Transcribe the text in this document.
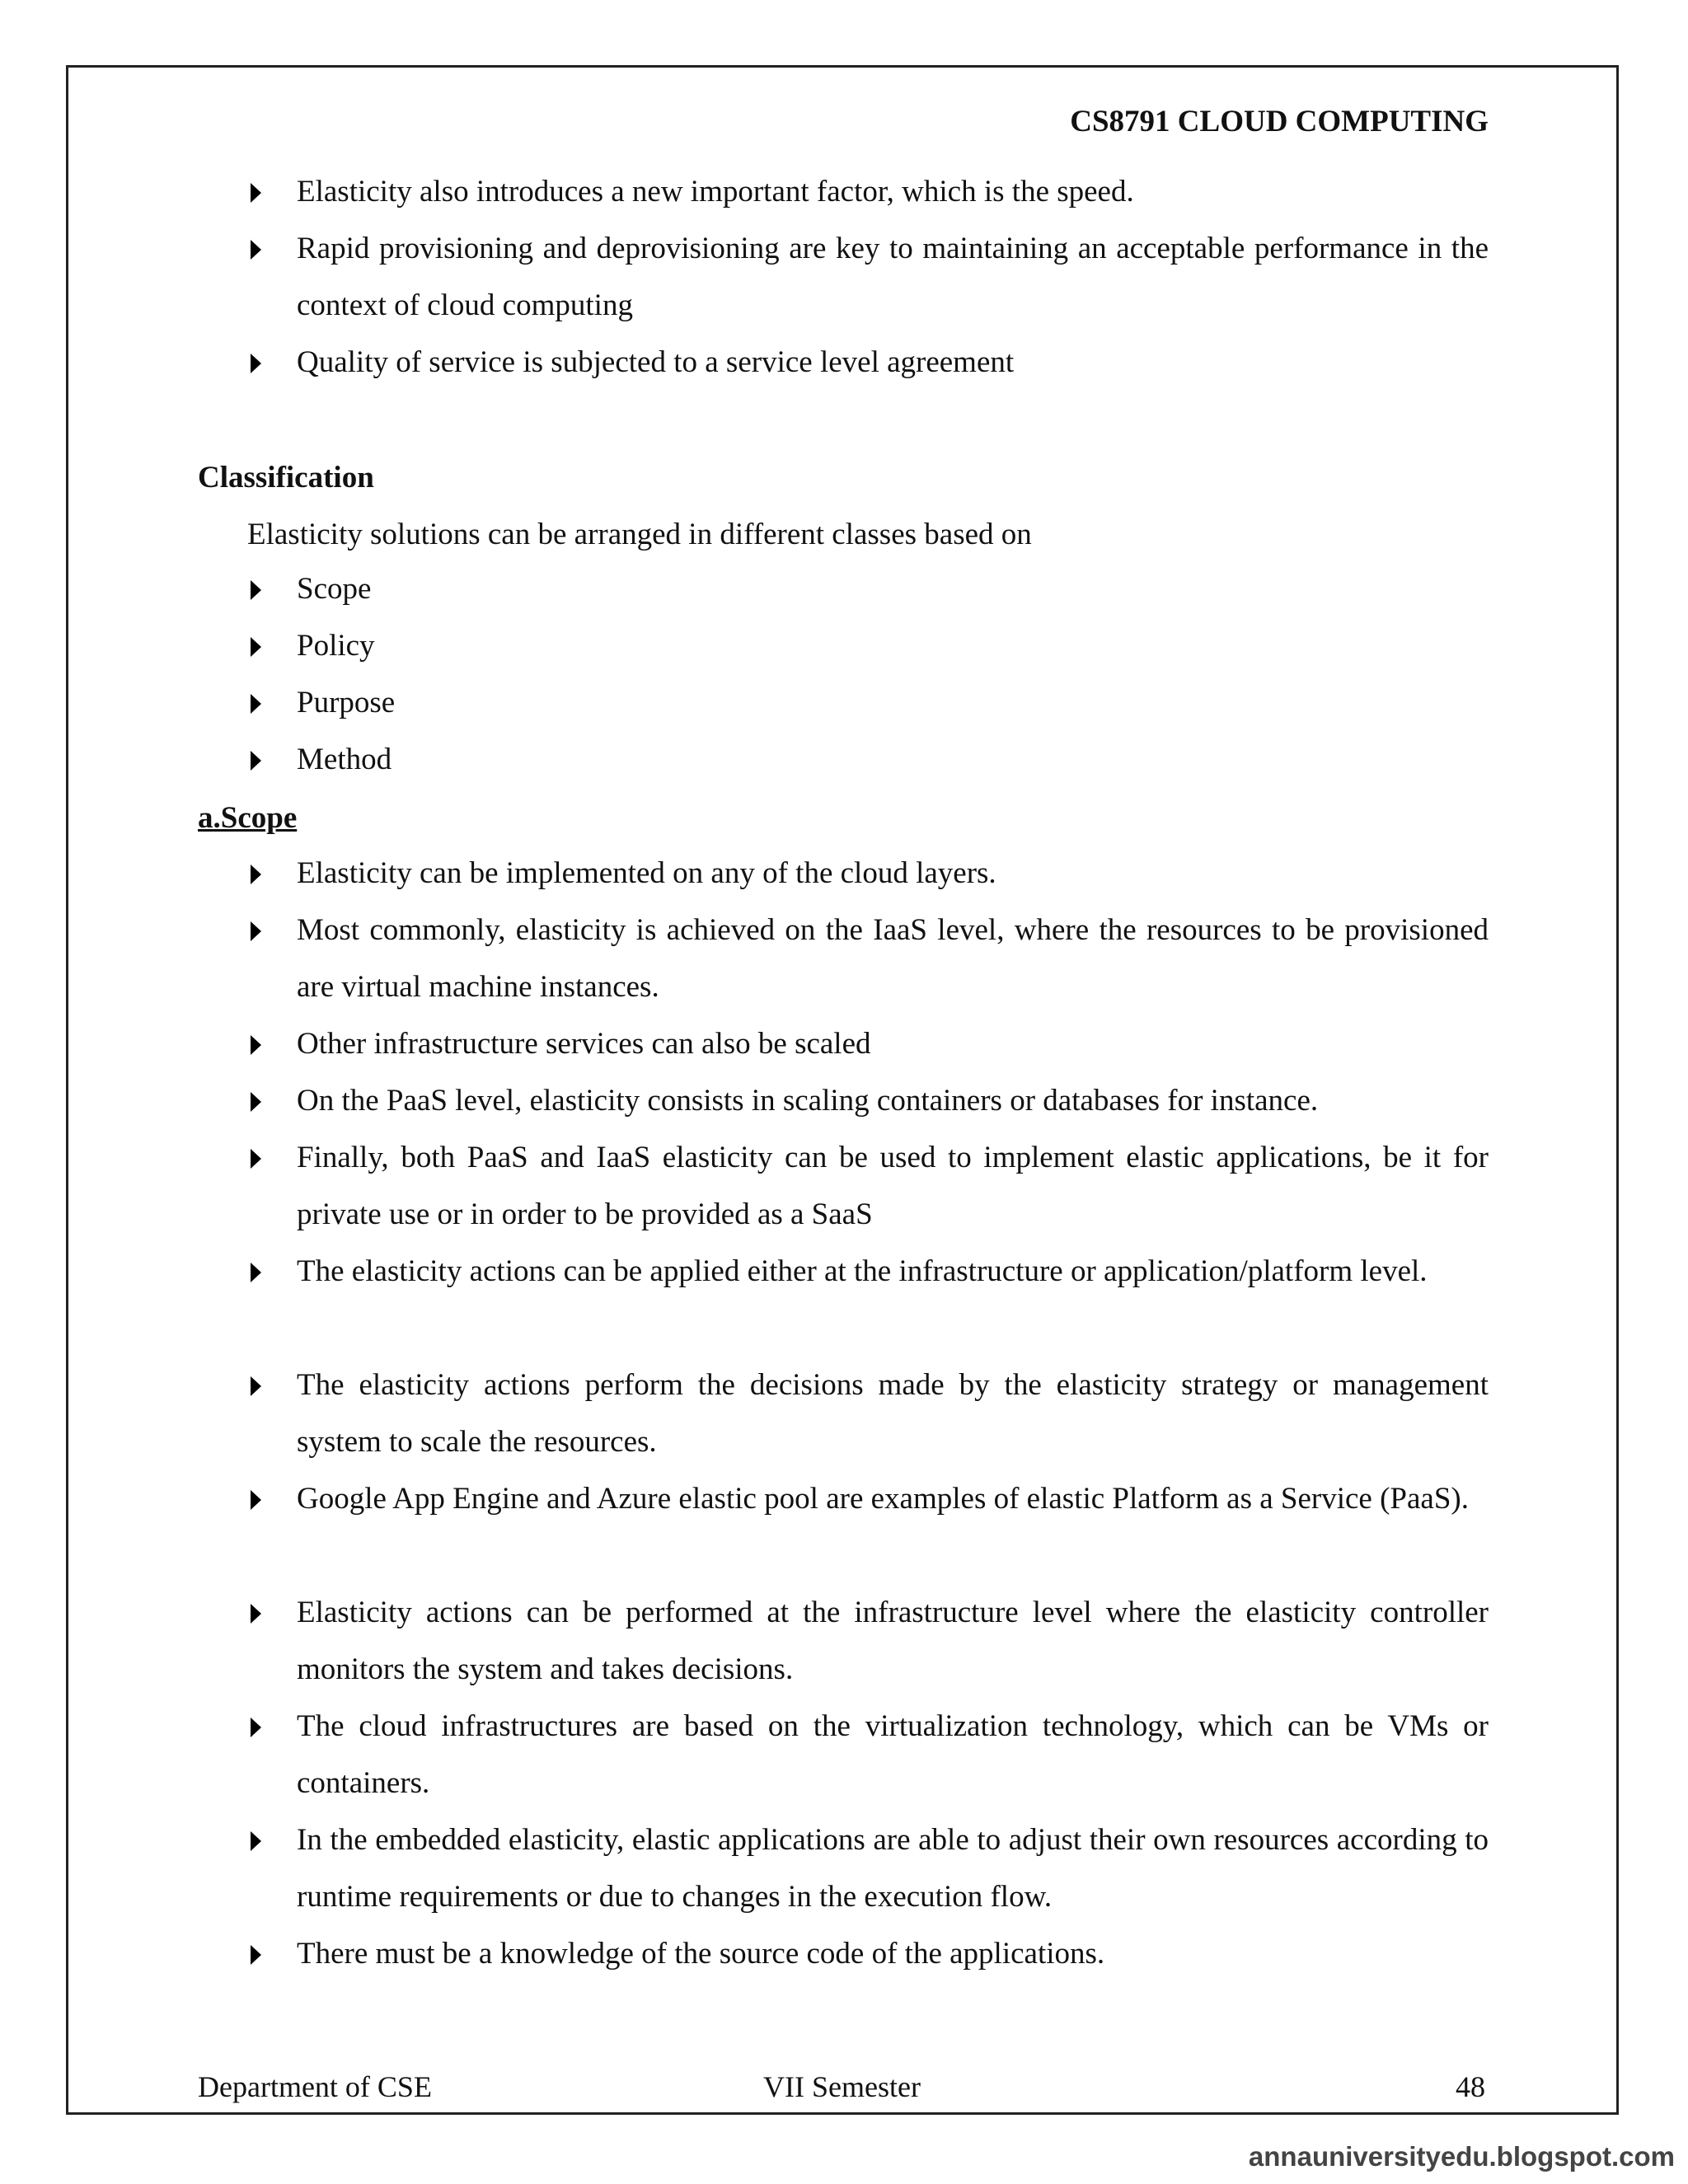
CS8791 CLOUD COMPUTING
Elasticity also introduces a new important factor, which is the speed.
Rapid provisioning and deprovisioning are key to maintaining an acceptable performance in the context of cloud computing
Quality of service is subjected to a service level agreement
Classification
Elasticity solutions can be arranged in different classes based on
Scope
Policy
Purpose
Method
a.Scope
Elasticity can be implemented on any of the cloud layers.
Most commonly, elasticity is achieved on the IaaS level, where the resources to be provisioned are virtual machine instances.
Other infrastructure services can also be scaled
On the PaaS level, elasticity consists in scaling containers or databases for instance.
Finally, both PaaS and IaaS elasticity can be used to implement elastic applications, be it for private use or in order to be provided as a SaaS
The elasticity actions can be applied either at the infrastructure or application/platform level.
The elasticity actions perform the decisions made by the elasticity strategy or management system to scale the resources.
Google App Engine and Azure elastic pool are examples of elastic Platform as a Service (PaaS).
Elasticity actions can be performed at the infrastructure level where the elasticity controller monitors the system and takes decisions.
The cloud infrastructures are based on the virtualization technology, which can be VMs or containers.
In the embedded elasticity, elastic applications are able to adjust their own resources according to runtime requirements or due to changes in the execution flow.
There must be a knowledge of the source code of the applications.
Department of CSE	VII Semester	48
annauniversityedu.blogspot.com
